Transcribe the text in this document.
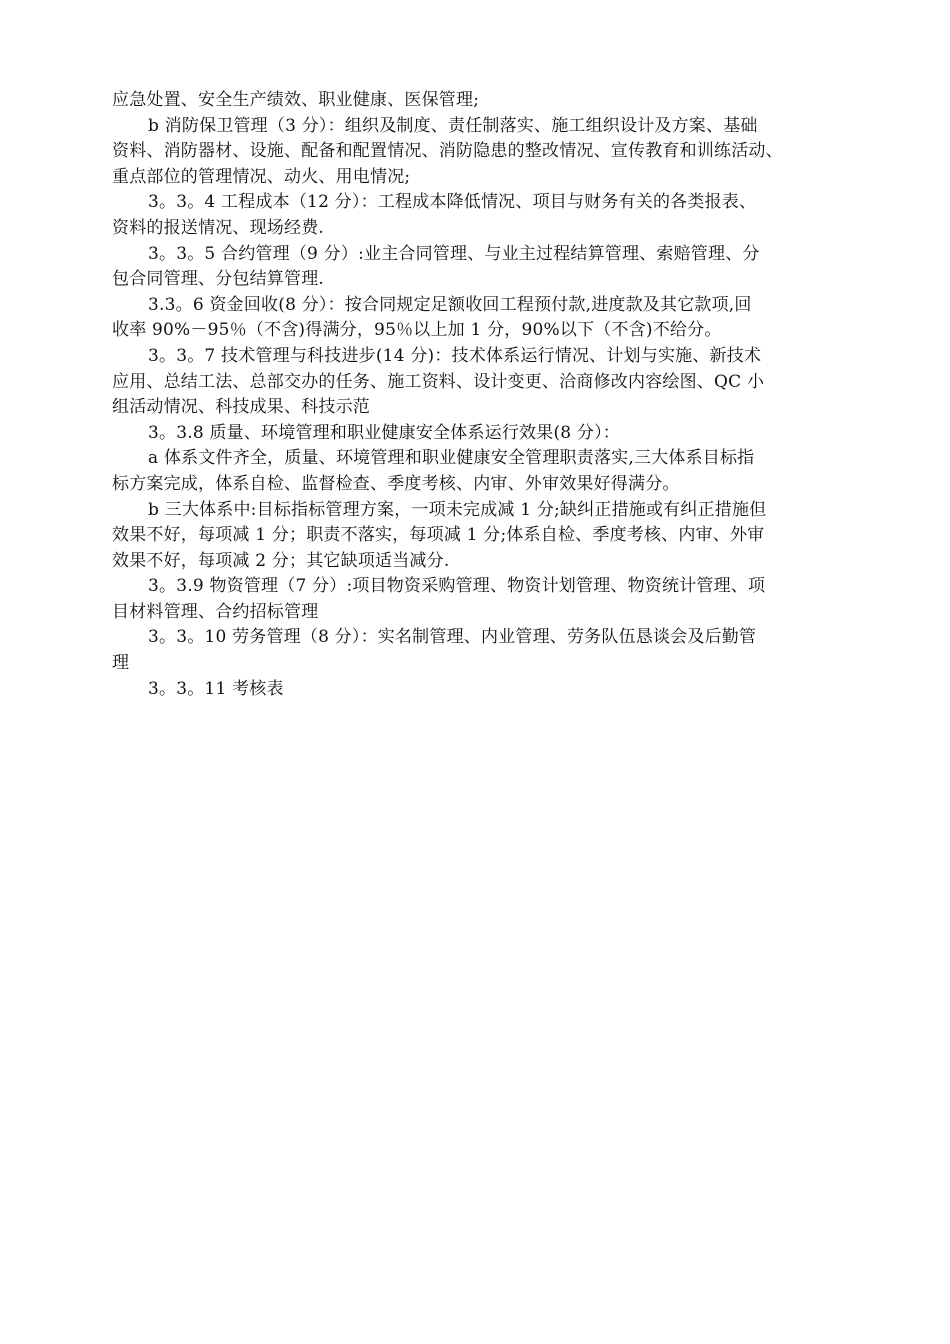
应急处置、安全生产绩效、职业健康、医保管理;

b 消防保卫管理（3 分）：组织及制度、责任制落实、施工组织设计及方案、基础
资料、消防器材、设施、配备和配置情况、消防隐患的整改情况、宣传教育和训练活动、
重点部位的管理情况、动火、用电情况;

3。3。4 工程成本（12 分）：工程成本降低情况、项目与财务有关的各类报表、
资料的报送情况、现场经费.

3。3。5 合约管理（9 分）:业主合同管理、与业主过程结算管理、索赔管理、分
包合同管理、分包结算管理.

3.3。6 资金回收(8 分）：按合同规定足额收回工程预付款,进度款及其它款项,回
收率 90%－95％（不含)得满分，95％以上加 1 分，90%以下（不含)不给分。

3。3。7 技术管理与科技进步(14 分)：技术体系运行情况、计划与实施、新技术
应用、总结工法、总部交办的任务、施工资料、设计变更、洽商修改内容绘图、QC 小
组活动情况、科技成果、科技示范

3。3.8 质量、环境管理和职业健康安全体系运行效果(8 分）：

a 体系文件齐全，质量、环境管理和职业健康安全管理职责落实,三大体系目标指
标方案完成，体系自检、监督检查、季度考核、内审、外审效果好得满分。

b 三大体系中:目标指标管理方案，一项未完成减 1 分;缺纠正措施或有纠正措施但
效果不好，每项减 1 分；职责不落实，每项减 1 分;体系自检、季度考核、内审、外审
效果不好，每项减 2 分；其它缺项适当减分.

3。3.9 物资管理（7 分）:项目物资采购管理、物资计划管理、物资统计管理、项
目材料管理、合约招标管理

3。3。10 劳务管理（8 分）：实名制管理、内业管理、劳务队伍恳谈会及后勤管
理

3。3。11 考核表
